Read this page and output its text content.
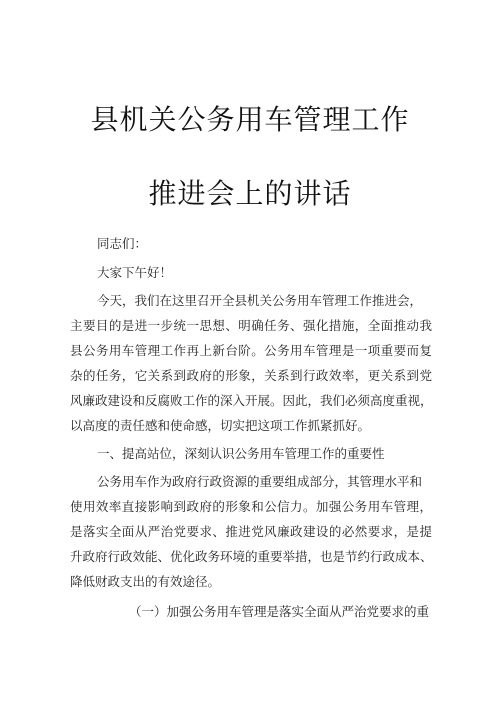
县机关公务用车管理工作
推进会上的讲话
同志们：
大家下午好！
今天，我们在这里召开全县机关公务用车管理工作推进会，
主要目的是进一步统一思想、明确任务、强化措施，全面推动我
县公务用车管理工作再上新台阶。公务用车管理是一项重要而复
杂的任务，它关系到政府的形象，关系到行政效率，更关系到党
风廉政建设和反腐败工作的深入开展。因此，我们必须高度重视，
以高度的责任感和使命感，切实把这项工作抓紧抓好。
一、提高站位，深刻认识公务用车管理工作的重要性
公务用车作为政府行政资源的重要组成部分，其管理水平和
使用效率直接影响到政府的形象和公信力。加强公务用车管理，
是落实全面从严治党要求、推进党风廉政建设的必然要求，是提
升政府行政效能、优化政务环境的重要举措，也是节约行政成本、
降低财政支出的有效途径。
（一）加强公务用车管理是落实全面从严治党要求的重
